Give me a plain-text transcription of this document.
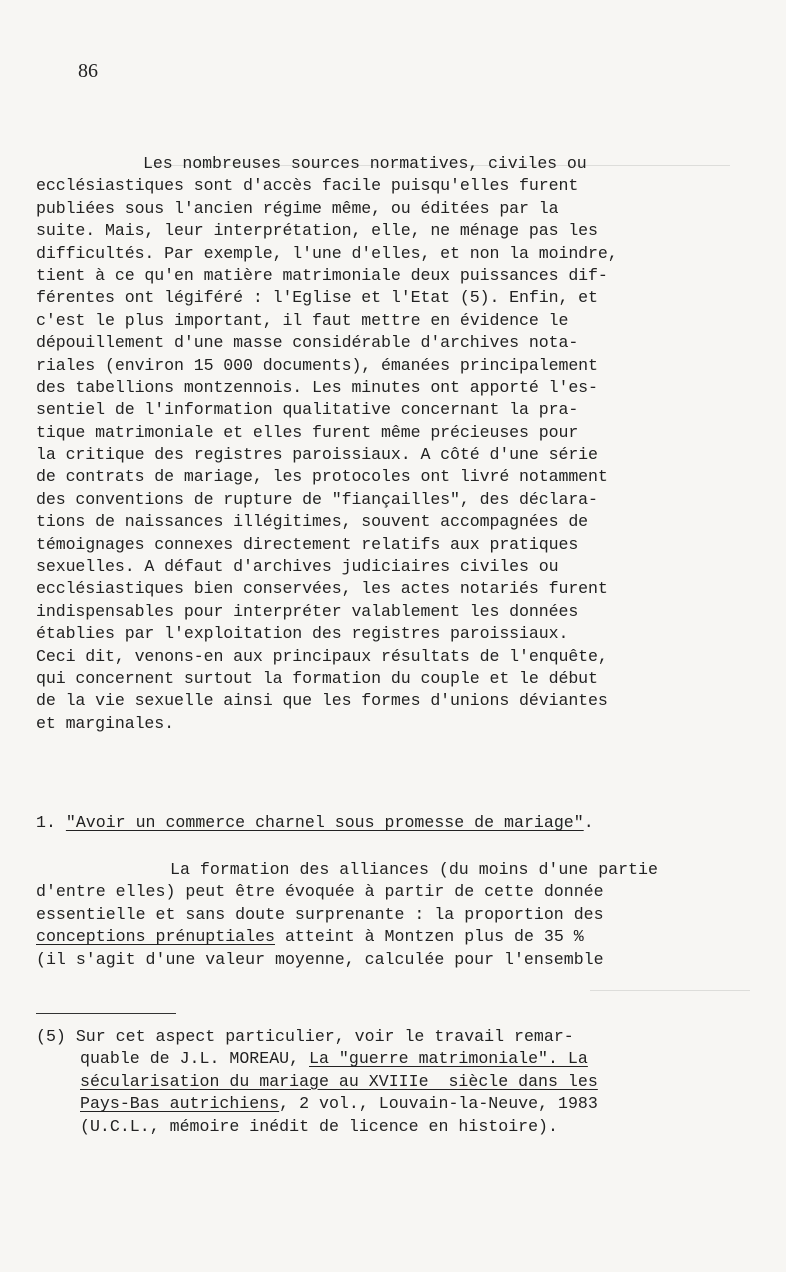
86
Les nombreuses sources normatives, civiles ou
ecclésiastiques sont d'accès facile puisqu'elles furent
publiées sous l'ancien régime même, ou éditées par la
suite. Mais, leur interprétation, elle, ne ménage pas les
difficultés. Par exemple, l'une d'elles, et non la moindre,
tient à ce qu'en matière matrimoniale deux puissances dif-
férentes ont légiféré : l'Eglise et l'Etat (5). Enfin, et
c'est le plus important, il faut mettre en évidence le
dépouillement d'une masse considérable d'archives nota-
riales (environ 15 000 documents), émanées principalement
des tabellions montzennois. Les minutes ont apporté l'es-
sentiel de l'information qualitative concernant la pra-
tique matrimoniale et elles furent même précieuses pour
la critique des registres paroissiaux. A côté d'une série
de contrats de mariage, les protocoles ont livré notamment
des conventions de rupture de "fiançailles", des déclara-
tions de naissances illégitimes, souvent accompagnées de
témoignages connexes directement relatifs aux pratiques
sexuelles. A défaut d'archives judiciaires civiles ou
ecclésiastiques bien conservées, les actes notariés furent
indispensables pour interpréter valablement les données
établies par l'exploitation des registres paroissiaux.
Ceci dit, venons-en aux principaux résultats de l'enquête,
qui concernent surtout la formation du couple et le début
de la vie sexuelle ainsi que les formes d'unions déviantes
et marginales.
1. "Avoir un commerce charnel sous promesse de mariage".
La formation des alliances (du moins d'une partie
d'entre elles) peut être évoquée à partir de cette donnée
essentielle et sans doute surprenante : la proportion des
conceptions prénuptiales atteint à Montzen plus de 35 %
(il s'agit d'une valeur moyenne, calculée pour l'ensemble
(5) Sur cet aspect particulier, voir le travail remar-
quable de J.L. MOREAU, La "guerre matrimoniale". La
sécularisation du mariage au XVIIIe  siècle dans les
Pays-Bas autrichiens, 2 vol., Louvain-la-Neuve, 1983
(U.C.L., mémoire inédit de licence en histoire).
